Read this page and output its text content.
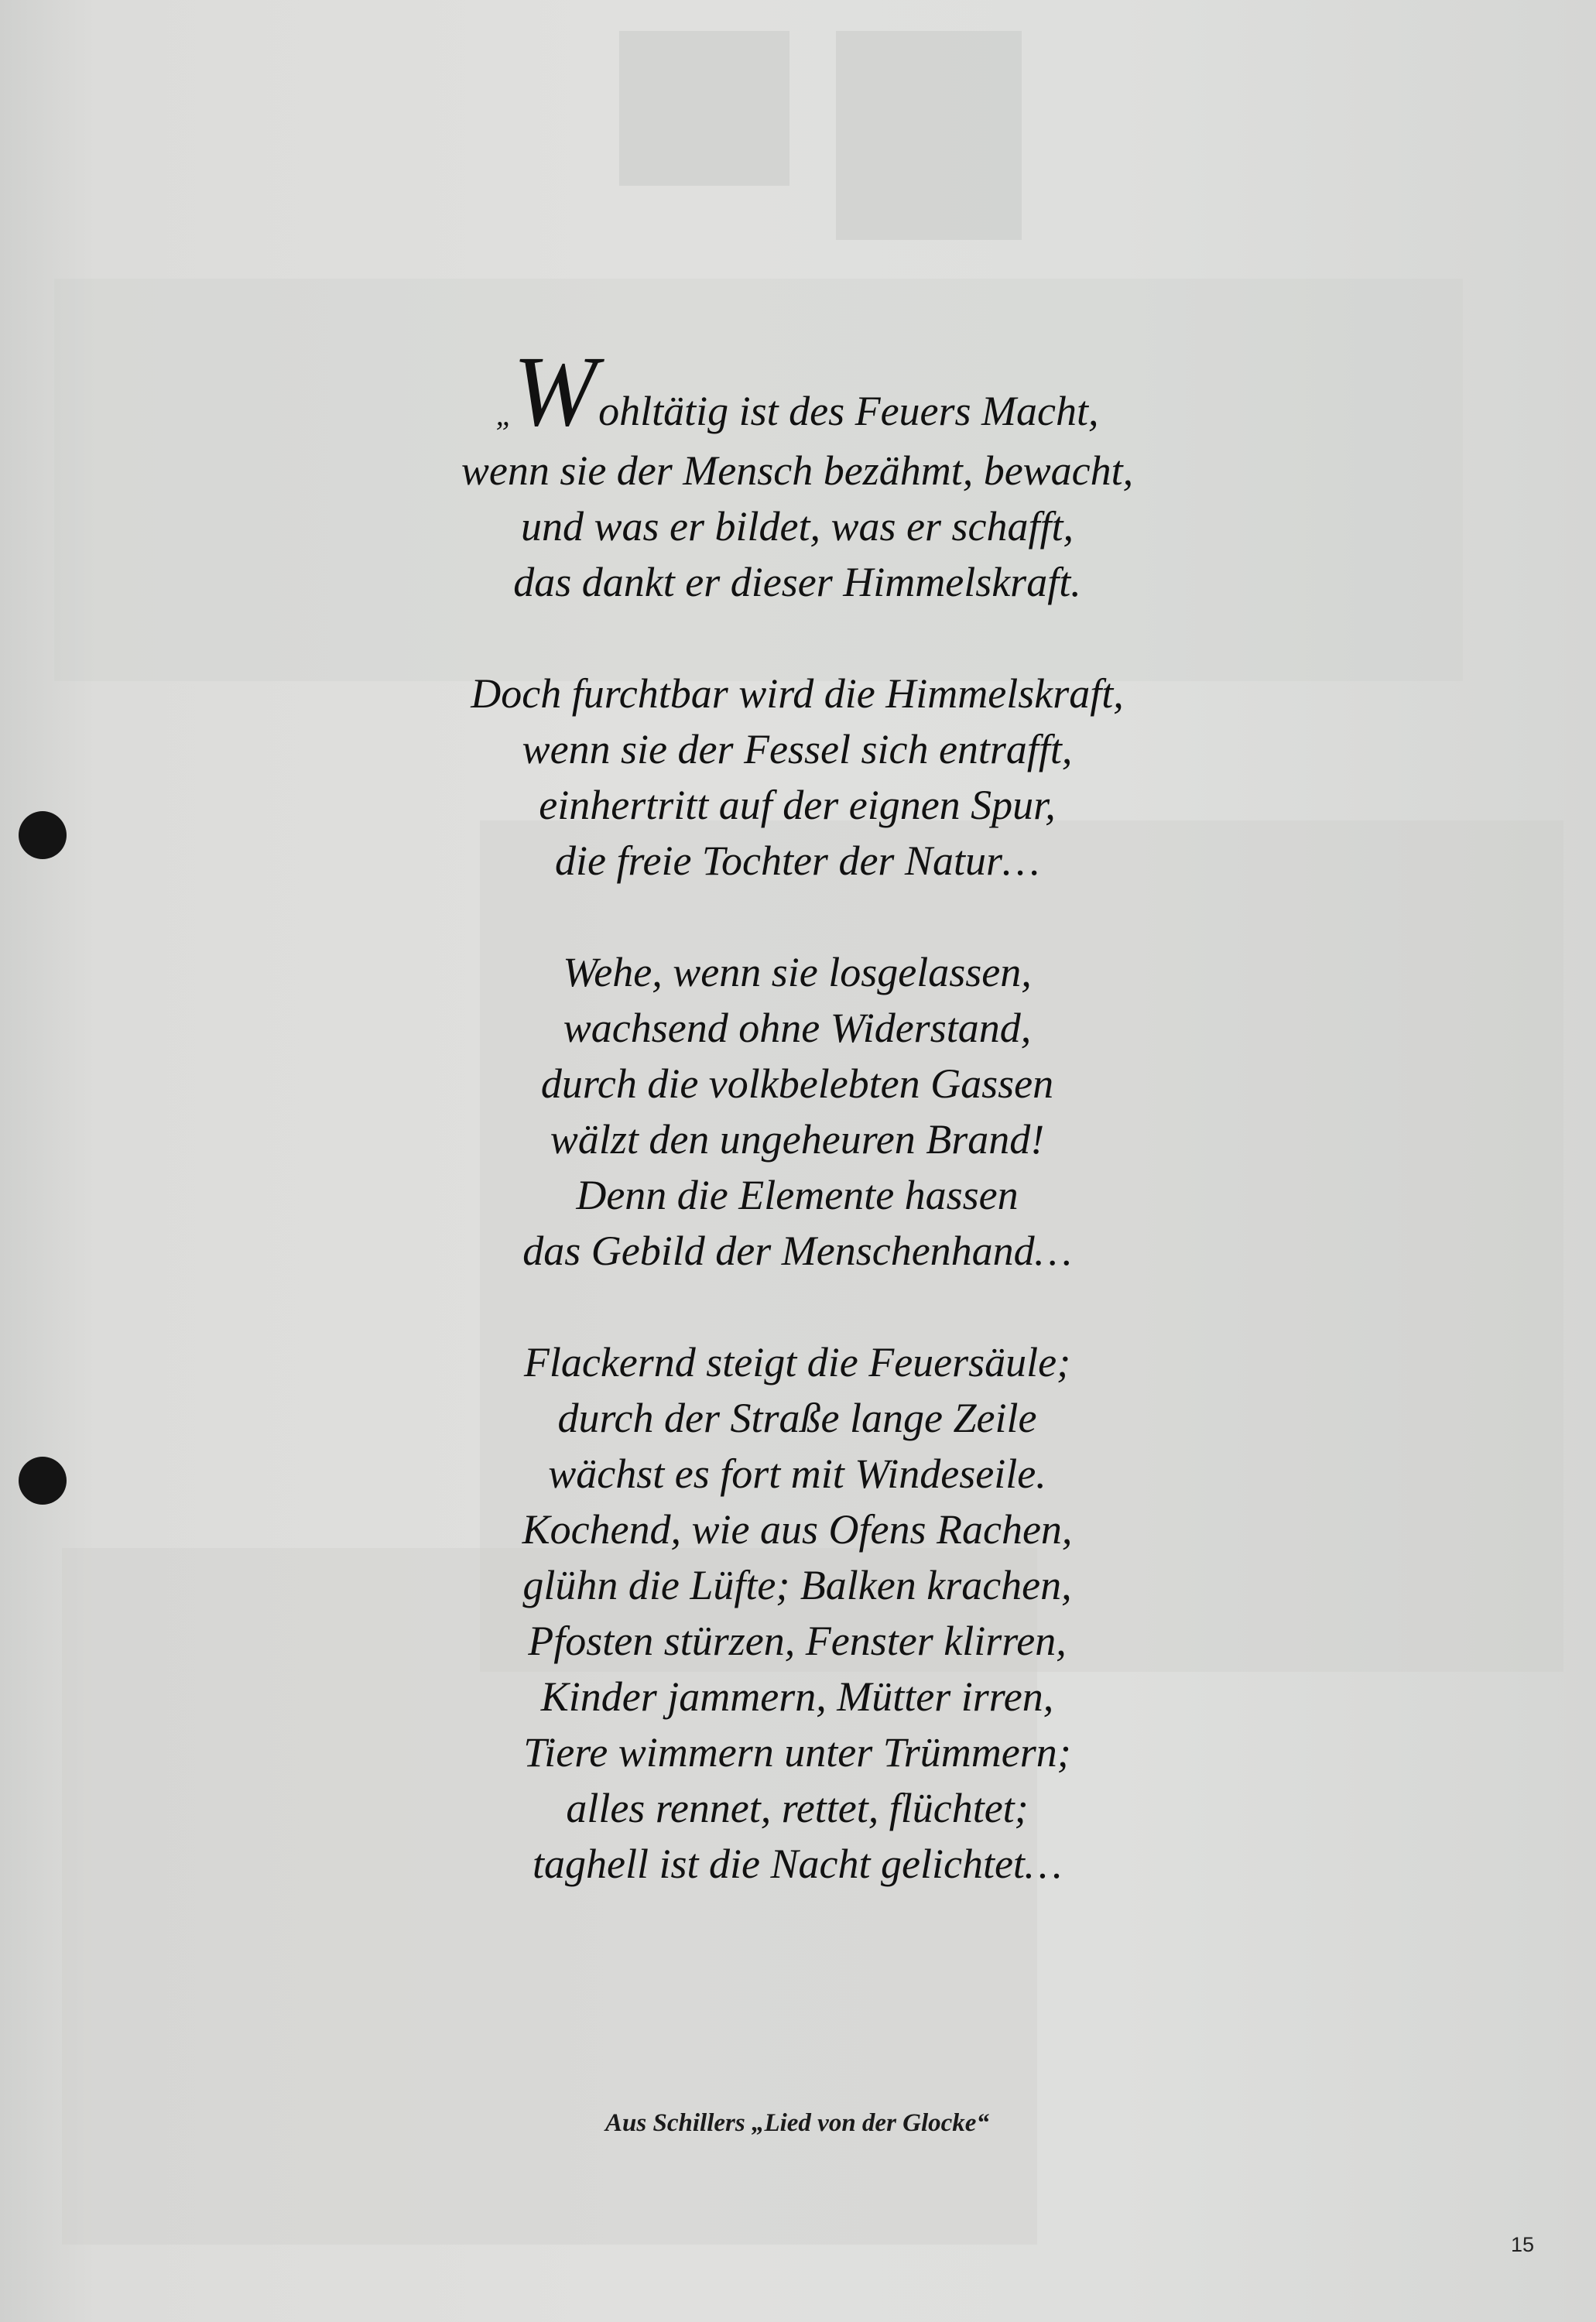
„Wohltätig ist des Feuers Macht,
wenn sie der Mensch bezähmt, bewacht,
und was er bildet, was er schafft,
das dankt er dieser Himmelskraft.
Doch furchtbar wird die Himmelskraft,
wenn sie der Fessel sich entrafft,
einhertritt auf der eignen Spur,
die freie Tochter der Natur…
Wehe, wenn sie losgelassen,
wachsend ohne Widerstand,
durch die volkbelebten Gassen
wälzt den ungeheuren Brand!
Denn die Elemente hassen
das Gebild der Menschenhand…
Flackernd steigt die Feuersäule;
durch der Straße lange Zeile
wächst es fort mit Windeseile.
Kochend, wie aus Ofens Rachen,
glühn die Lüfte; Balken krachen,
Pfosten stürzen, Fenster klirren,
Kinder jammern, Mütter irren,
Tiere wimmern unter Trümmern;
alles rennet, rettet, flüchtet;
taghell ist die Nacht gelichtet…
Aus Schillers „Lied von der Glocke“
15
